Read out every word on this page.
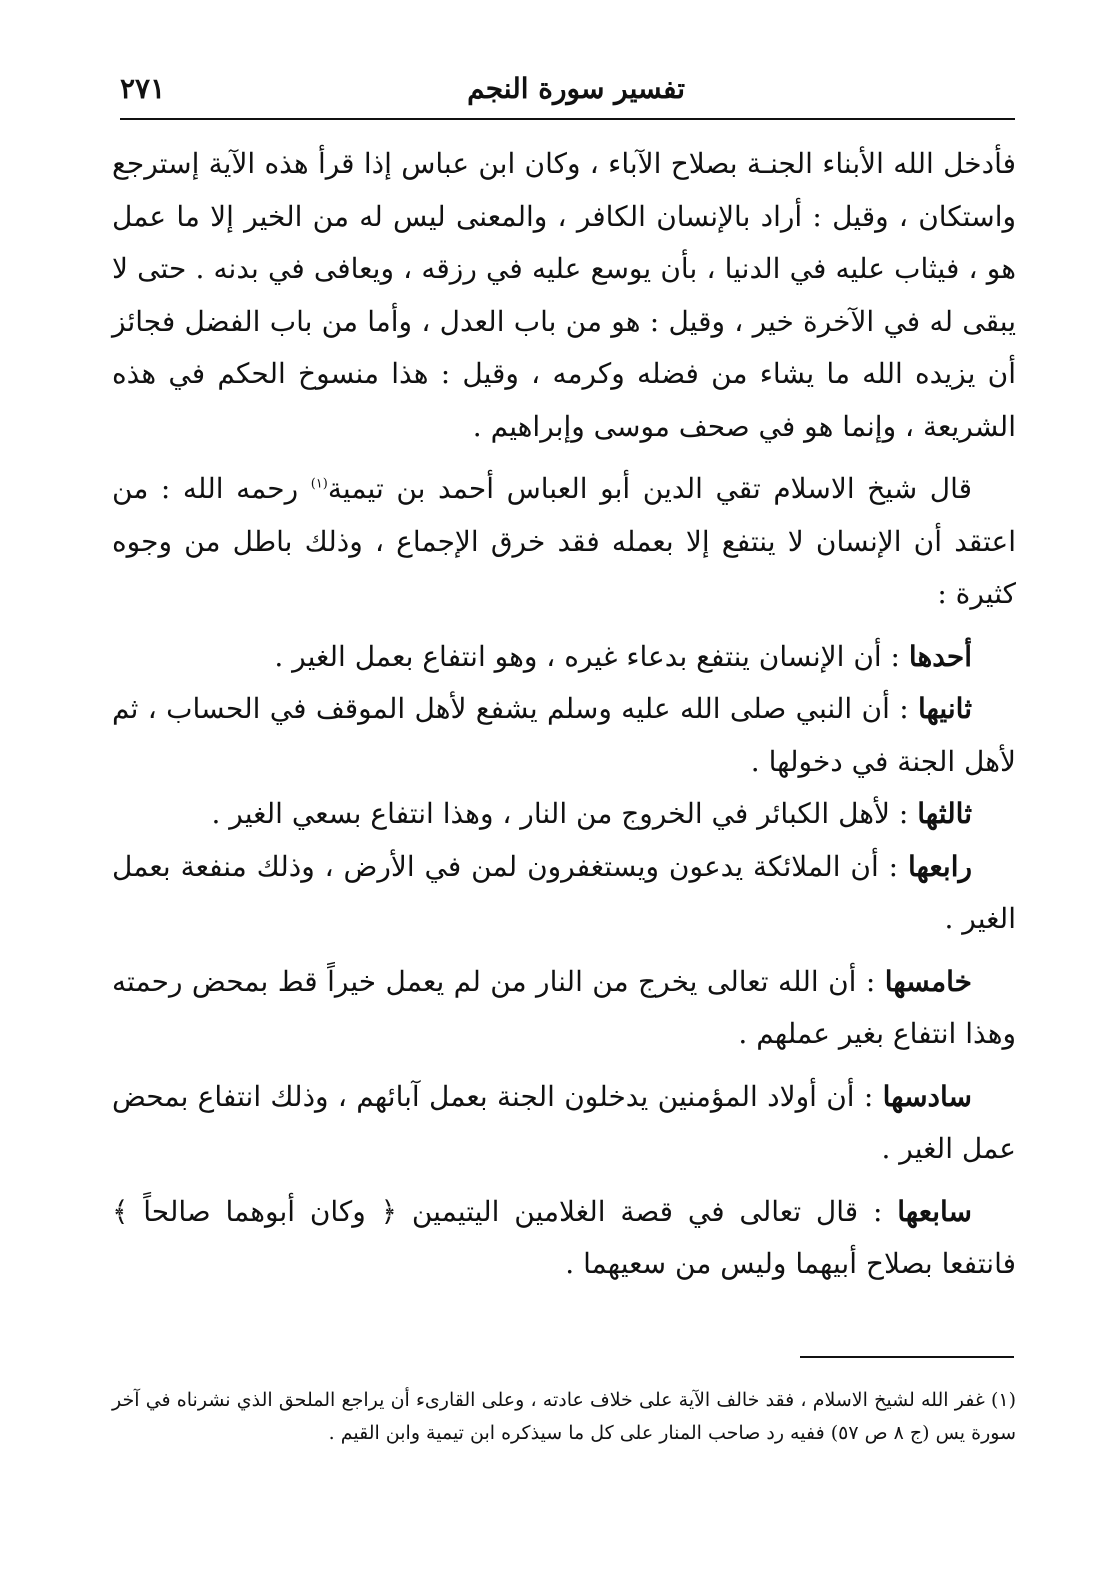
تفسير سورة النجم
٢٧١

فأدخل الله الأبناء الجنـة بصلاح الآباء ، وكان ابن عباس إذا قرأ هذه الآية إسترجع واستكان ، وقيل : أراد بالإنسان الكافر ، والمعنى ليس له من الخير إلا ما عمل هو ، فيثاب عليه في الدنيا ، بأن يوسع عليه في رزقه ، ويعافى في بدنه . حتى لا يبقى له في الآخرة خير ، وقيل : هو من باب العدل ، وأما من باب الفضل فجائز أن يزيده الله ما يشاء من فضله وكرمه ، وقيل : هذا منسوخ الحكم في هذه الشريعة ، وإنما هو في صحف موسى وإبراهيم .

قال شيخ الاسلام تقي الدين أبو العباس أحمد بن تيمية$^{(١)}$ رحمه الله : من اعتقد أن الإنسان لا ينتفع إلا بعمله فقد خرق الإجماع ، وذلك باطل من وجوه كثيرة :

أحدها : أن الإنسان ينتفع بدعاء غيره ، وهو انتفاع بعمل الغير .

ثانيها : أن النبي صلى الله عليه وسلم يشفع لأهل الموقف في الحساب ، ثم لأهل الجنة في دخولها .

ثالثها : لأهل الكبائر في الخروج من النار ، وهذا انتفاع بسعي الغير .

رابعها : أن الملائكة يدعون ويستغفرون لمن في الأرض ، وذلك منفعة بعمل الغير .

خامسها : أن الله تعالى يخرج من النار من لم يعمل خيراً قط بمحض رحمته وهذا انتفاع بغير عملهم .

سادسها : أن أولاد المؤمنين يدخلون الجنة بعمل آبائهم ، وذلك انتفاع بمحض عمل الغير .

سابعها : قال تعالى في قصة الغلامين اليتيمين ﴿ وكان أبوهما صالحاً ﴾ فانتفعا بصلاح أبيهما وليس من سعيهما .

(١) غفر الله لشيخ الاسلام ، فقد خالف الآية على خلاف عادته ، وعلى القارىء أن يراجع الملحق الذي نشرناه في آخر سورة يس (ج ٨ ص ٥٧) ففيه رد صاحب المنار على كل ما سيذكره ابن تيمية وابن القيم .
